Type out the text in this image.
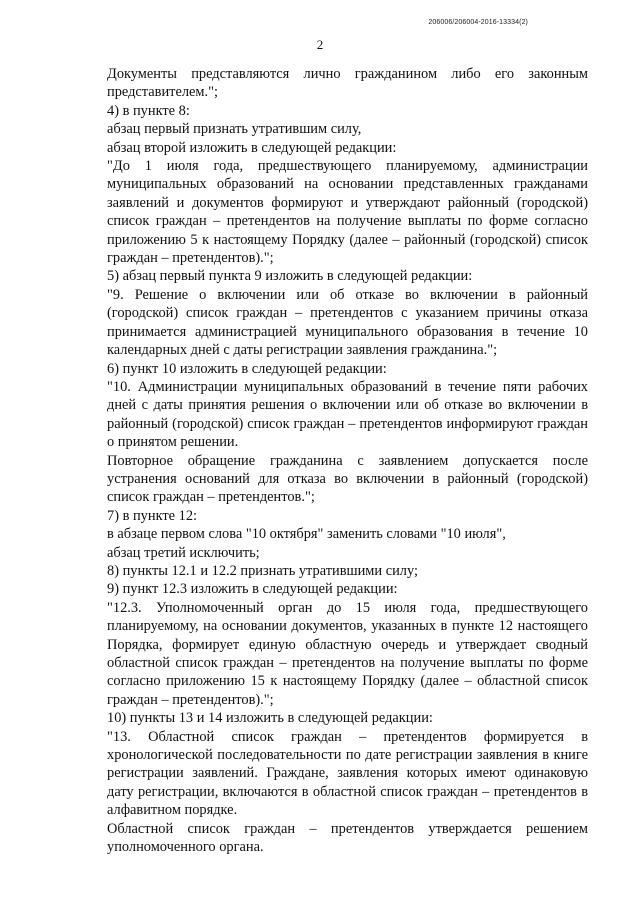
206006/206004-2016-13334(2)
2

Документы представляются лично гражданином либо его законным представителем.";

4) в пункте 8:

абзац первый признать утратившим силу,

абзац второй изложить в следующей редакции:

"До 1 июля года, предшествующего планируемому, администрации муниципальных образований на основании представленных гражданами заявлений и документов формируют и утверждают районный (городской) список граждан – претендентов на получение выплаты по форме согласно приложению 5 к настоящему Порядку (далее – районный (городской) список граждан – претендентов).";

5) абзац первый пункта 9 изложить в следующей редакции:

"9. Решение о включении или об отказе во включении в районный (городской) список граждан – претендентов с указанием причины отказа принимается администрацией муниципального образования в течение 10 календарных дней с даты регистрации заявления гражданина.";

6) пункт 10 изложить в следующей редакции:

"10. Администрации муниципальных образований в течение пяти рабочих дней с даты принятия решения о включении или об отказе во включении в районный (городской) список граждан – претендентов информируют граждан о принятом решении.

Повторное обращение гражданина с заявлением допускается после устранения оснований для отказа во включении в районный (городской) список граждан – претендентов.";

7) в пункте 12:

в абзаце первом слова "10 октября" заменить словами "10 июля",

абзац третий исключить;

8) пункты 12.1 и 12.2 признать утратившими силу;

9) пункт 12.3 изложить в следующей редакции:

"12.3. Уполномоченный орган до 15 июля года, предшествующего планируемому, на основании документов, указанных в пункте 12 настоящего Порядка, формирует единую областную очередь и утверждает сводный областной список граждан – претендентов на получение выплаты по форме согласно приложению 15 к настоящему Порядку (далее – областной список граждан – претендентов).";

10) пункты 13 и 14 изложить в следующей редакции:

"13. Областной список граждан – претендентов формируется в хронологической последовательности по дате регистрации заявления в книге регистрации заявлений. Граждане, заявления которых имеют одинаковую дату регистрации, включаются в областной список граждан – претендентов в алфавитном порядке.

Областной список граждан – претендентов утверждается решением уполномоченного органа.
